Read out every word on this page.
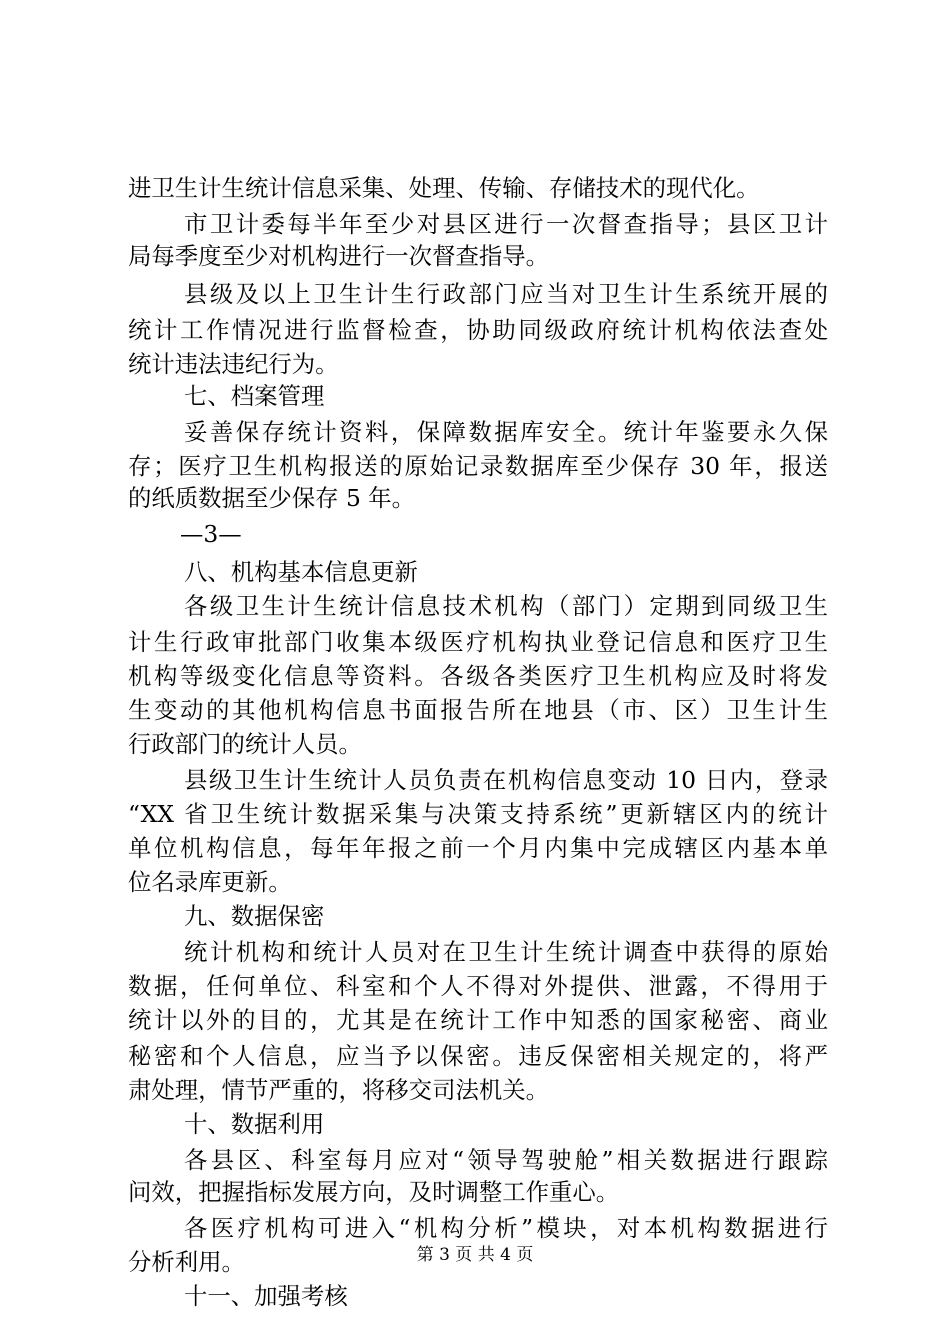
进卫生计生统计信息采集、处理、传输、存储技术的现代化。
市卫计委每半年至少对县区进行一次督查指导；县区卫计
局每季度至少对机构进行一次督查指导。
县级及以上卫生计生行政部门应当对卫生计生系统开展的
统计工作情况进行监督检查，协助同级政府统计机构依法查处
统计违法违纪行为。
七、档案管理
妥善保存统计资料，保障数据库安全。统计年鉴要永久保
存；医疗卫生机构报送的原始记录数据库至少保存 30 年，报送
的纸质数据至少保存 5 年。
—3—
八、机构基本信息更新
各级卫生计生统计信息技术机构（部门）定期到同级卫生
计生行政审批部门收集本级医疗机构执业登记信息和医疗卫生
机构等级变化信息等资料。各级各类医疗卫生机构应及时将发
生变动的其他机构信息书面报告所在地县（市、区）卫生计生
行政部门的统计人员。
县级卫生计生统计人员负责在机构信息变动 10 日内，登录
“XX 省卫生统计数据采集与决策支持系统”更新辖区内的统计
单位机构信息，每年年报之前一个月内集中完成辖区内基本单
位名录库更新。
九、数据保密
统计机构和统计人员对在卫生计生统计调查中获得的原始
数据，任何单位、科室和个人不得对外提供、泄露，不得用于
统计以外的目的，尤其是在统计工作中知悉的国家秘密、商业
秘密和个人信息，应当予以保密。违反保密相关规定的，将严
肃处理，情节严重的，将移交司法机关。
十、数据利用
各县区、科室每月应对“领导驾驶舱”相关数据进行跟踪
问效，把握指标发展方向，及时调整工作重心。
各医疗机构可进入“机构分析”模块，对本机构数据进行
分析利用。
十一、加强考核
第 3 页 共 4 页
